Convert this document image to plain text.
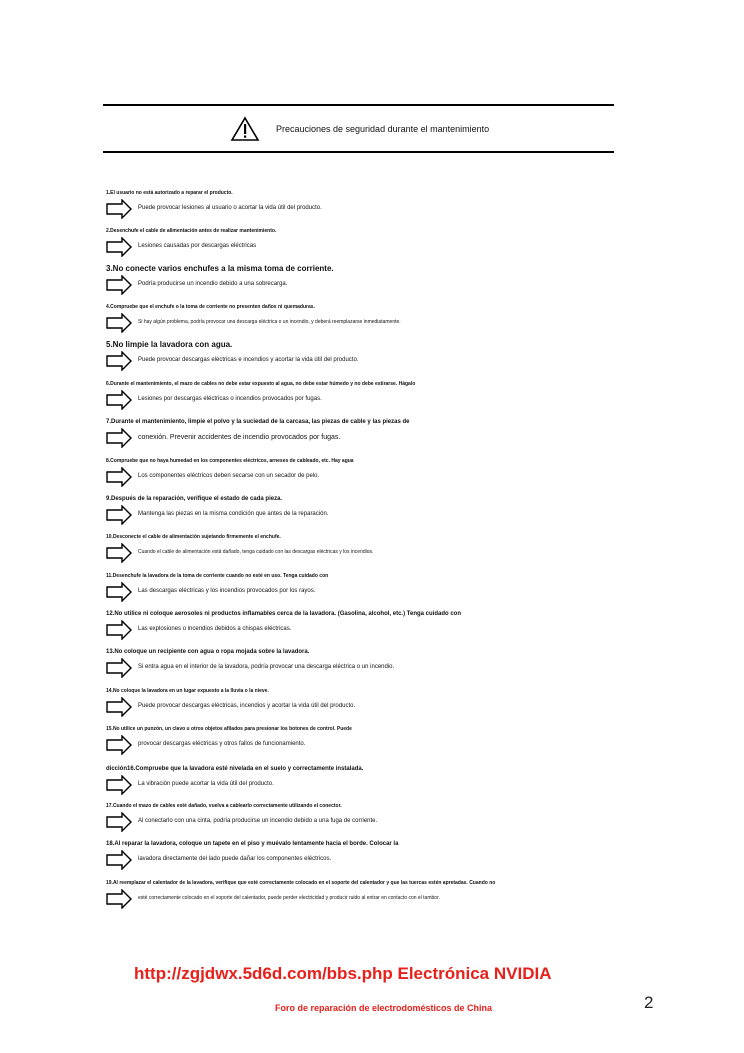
Precauciones de seguridad durante el mantenimiento
1.El usuario no está autorizado a reparar el producto.
Puede provocar lesiones al usuario o acortar la vida útil del producto.
2.Desenchufe el cable de alimentación antes de realizar mantenimiento.
Lesiones causadas por descargas eléctricas
3.No conecte varios enchufes a la misma toma de corriente.
Podría producirse un incendio debido a una sobrecarga.
4.Compruebe que el enchufe o la toma de corriente no presenten daños ni quemaduras.
Si hay algún problema, podría provocar una descarga eléctrica o un incendio, y deberá reemplazarse inmediatamente.
5.No limpie la lavadora con agua.
Puede provocar descargas eléctricas e incendios y acortar la vida útil del producto.
6.Durante el mantenimiento, el mazo de cables no debe estar expuesto al agua, no debe estar húmedo y no debe estirarse. Hágalo
Lesiones por descargas eléctricas o incendios provocados por fugas.
7.Durante el mantenimiento, limpie el polvo y la suciedad de la carcasa, las piezas de cable y las piezas de
conexión. Prevenir accidentes de incendio provocados por fugas.
8.Compruebe que no haya humedad en los componentes eléctricos, arneses de cableado, etc. Hay agua
Los componentes eléctricos deben secarse con un secador de pelo.
9.Después de la reparación, verifique el estado de cada pieza.
Mantenga las piezas en la misma condición que antes de la reparación.
10.Desconecte el cable de alimentación sujetando firmemente el enchufe.
Cuando el cable de alimentación está dañado, tenga cuidado con las descargas eléctricas y los incendios.
11.Desenchufe la lavadora de la toma de corriente cuando no esté en uso. Tenga cuidado con
Las descargas eléctricas y los incendios provocados por los rayos.
12.No utilice ni coloque aerosoles ni productos inflamables cerca de la lavadora. (Gasolina, alcohol, etc.) Tenga cuidado con
Las explosiones o incendios debidos a chispas eléctricas.
13.No coloque un recipiente con agua o ropa mojada sobre la lavadora.
Si entra agua en el interior de la lavadora, podría provocar una descarga eléctrica o un incendio.
14.No coloque la lavadora en un lugar expuesto a la lluvia o la nieve.
Puede provocar descargas eléctricas, incendios y acortar la vida útil del producto.
15.No utilice un punzón, un clavo u otros objetos afilados para presionar los botones de control. Puede
provocar descargas eléctricas y otros fallos de funcionamiento.
dicción16.Compruebe que la lavadora esté nivelada en el suelo y correctamente instalada.
La vibración puede acortar la vida útil del producto.
17.Cuando el mazo de cables esté dañado, vuelva a cablearlo correctamente utilizando el conector.
Al conectarlo con una cinta, podría producirse un incendio debido a una fuga de corriente.
18.Al reparar la lavadora, coloque un tapete en el piso y muévalo lentamente hacia el borde. Colocar la
lavadora directamente del lado puede dañar los componentes eléctricos.
19.Al reemplazar el calentador de la lavadora, verifique que esté correctamente colocado en el soporte del calentador y que las tuercas estén apretadas. Cuando no
esté correctamente colocado en el soporte del calentador, puede perder electricidad y producir ruido al entrar en contacto con el tambor.
http://zgjdwx.5d6d.com/bbs.php Electrónica NVIDIA
Foro de reparación de electrodomésticos de China	2
